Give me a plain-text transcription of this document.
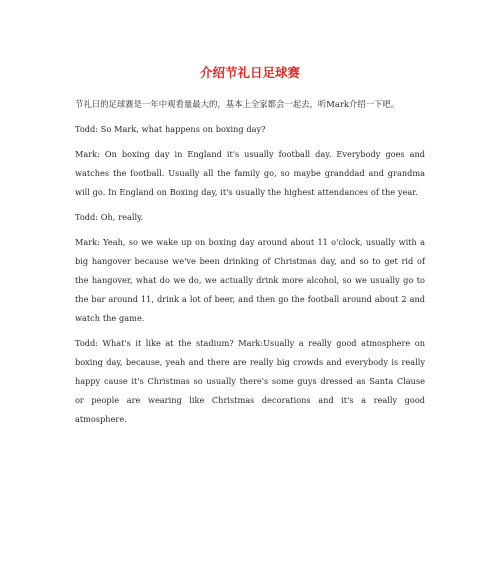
介绍节礼日足球赛

节礼日的足球赛是一年中观看量最大的，基本上全家都会一起去，听Mark介绍一下吧。

Todd: So Mark, what happens on boxing day?

Mark: On boxing day in England it's usually football day. Everybody goes and watches the football. Usually all the family go, so maybe granddad and grandma will go. In England on Boxing day, it's usually the highest attendances of the year.

Todd: Oh, really.

Mark: Yeah, so we wake up on boxing day around about 11 o'clock, usually with a big hangover because we've been drinking of Christmas day, and so to get rid of the hangover, what do we do, we actually drink more alcohol, so we usually go to the bar around 11, drink a lot of beer, and then go the football around about 2 and watch the game.

Todd: What's it like at the stadium? Mark:Usually a really good atmosphere on boxing day, because, yeah and there are really big crowds and everybody is really happy cause it's Christmas so usually there's some guys dressed as Santa Clause or people are wearing like Christmas decorations and it's a really good atmosphere.
